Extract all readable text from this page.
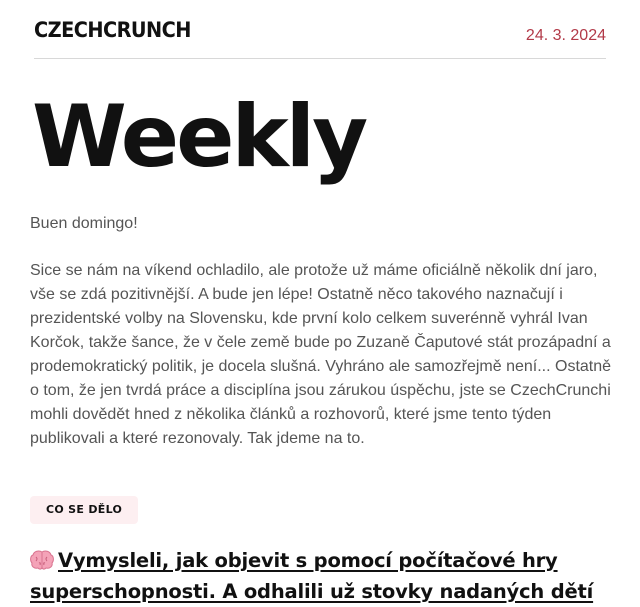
CZECHCRUNCH	24. 3. 2024
Weekly

Buen domingo!

Sice se nám na víkend ochladilo, ale protože už máme oficiálně několik dní jaro, vše se zdá pozitivnější. A bude jen lépe! Ostatně něco takového naznačují i prezidentské volby na Slovensku, kde první kolo celkem suverénně vyhrál Ivan Korčok, takže šance, že v čele země bude po Zuzaně Čaputové stát prozápadní a prodemokratický politik, je docela slušná. Vyhráno ale samozřejmě není... Ostatně o tom, že jen tvrdá práce a disciplína jsou zárukou úspěchu, jste se CzechCrunchi mohli dovědět hned z několika článků a rozhovorů, které jsme tento týden publikovali a které rezonovaly. Tak jdeme na to.

CO SE DĚLO
Vymysleli, jak objevit s pomocí počítačové hry superschopnosti. A odhalili už stovky nadaných dětí
